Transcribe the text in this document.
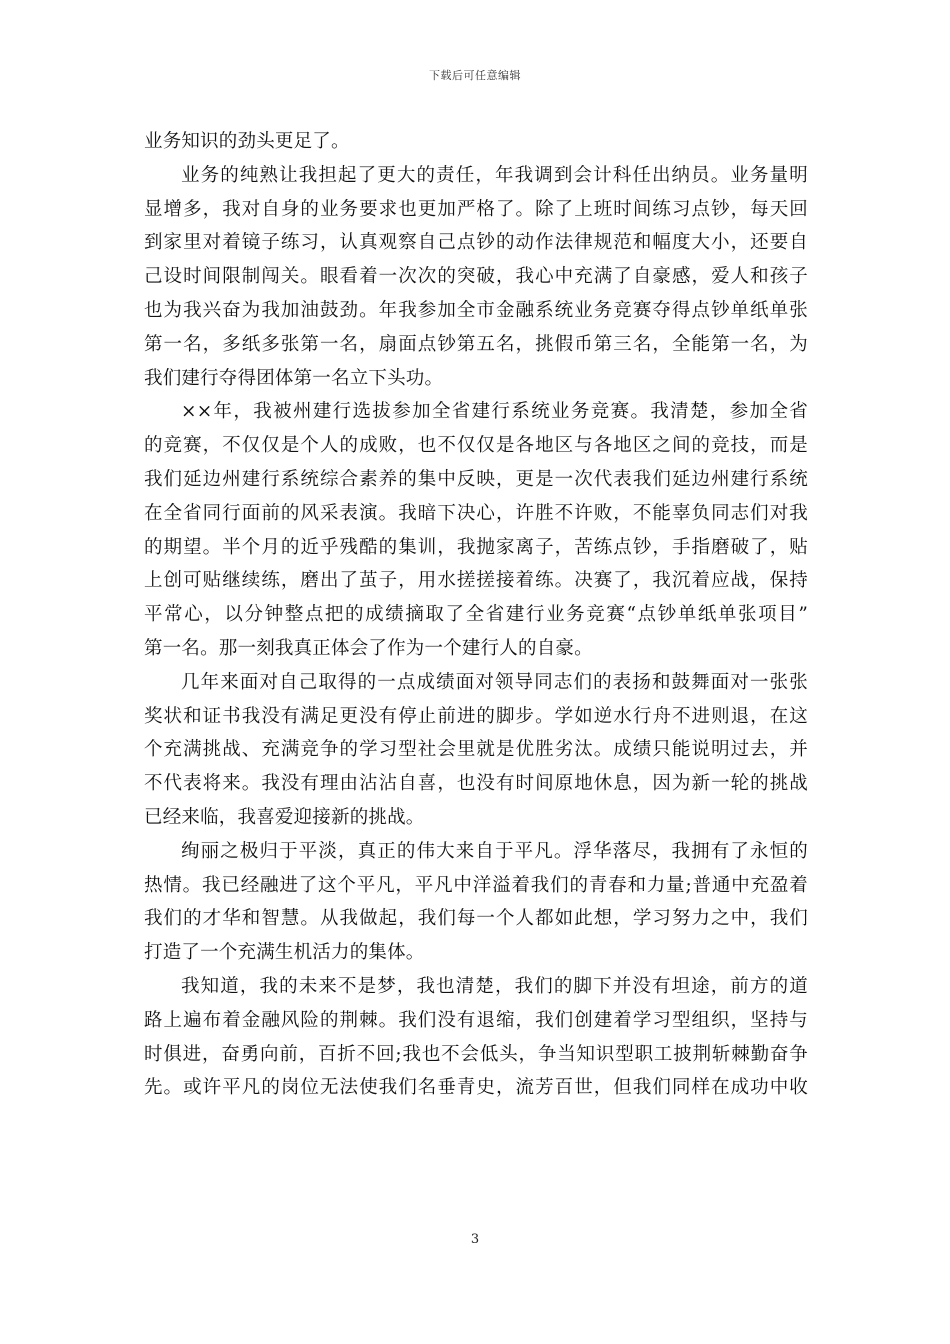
下载后可任意编辑
业务知识的劲头更足了。
业务的纯熟让我担起了更大的责任，年我调到会计科任出纳员。业务量明
显增多，我对自身的业务要求也更加严格了。除了上班时间练习点钞，每天回
到家里对着镜子练习，认真观察自己点钞的动作法律规范和幅度大小，还要自
己设时间限制闯关。眼看着一次次的突破，我心中充满了自豪感，爱人和孩子
也为我兴奋为我加油鼓劲。年我参加全市金融系统业务竞赛夺得点钞单纸单张
第一名，多纸多张第一名，扇面点钞第五名，挑假币第三名，全能第一名，为
我们建行夺得团体第一名立下头功。
××年，我被州建行选拔参加全省建行系统业务竞赛。我清楚，参加全省
的竞赛，不仅仅是个人的成败，也不仅仅是各地区与各地区之间的竞技，而是
我们延边州建行系统综合素养的集中反映，更是一次代表我们延边州建行系统
在全省同行面前的风采表演。我暗下决心，许胜不许败，不能辜负同志们对我
的期望。半个月的近乎残酷的集训，我抛家离子，苦练点钞，手指磨破了，贴
上创可贴继续练，磨出了茧子，用水搓搓接着练。决赛了，我沉着应战，保持
平常心，以分钟整点把的成绩摘取了全省建行业务竞赛“点钞单纸单张项目”
第一名。那一刻我真正体会了作为一个建行人的自豪。
几年来面对自己取得的一点成绩面对领导同志们的表扬和鼓舞面对一张张
奖状和证书我没有满足更没有停止前进的脚步。学如逆水行舟不进则退，在这
个充满挑战、充满竞争的学习型社会里就是优胜劣汰。成绩只能说明过去，并
不代表将来。我没有理由沾沾自喜，也没有时间原地休息，因为新一轮的挑战
已经来临，我喜爱迎接新的挑战。
绚丽之极归于平淡，真正的伟大来自于平凡。浮华落尽，我拥有了永恒的
热情。我已经融进了这个平凡，平凡中洋溢着我们的青春和力量;普通中充盈着
我们的才华和智慧。从我做起，我们每一个人都如此想，学习努力之中，我们
打造了一个充满生机活力的集体。
我知道，我的未来不是梦，我也清楚，我们的脚下并没有坦途，前方的道
路上遍布着金融风险的荆棘。我们没有退缩，我们创建着学习型组织，坚持与
时俱进，奋勇向前，百折不回;我也不会低头，争当知识型职工披荆斩棘勤奋争
先。或许平凡的岗位无法使我们名垂青史，流芳百世，但我们同样在成功中收
3
